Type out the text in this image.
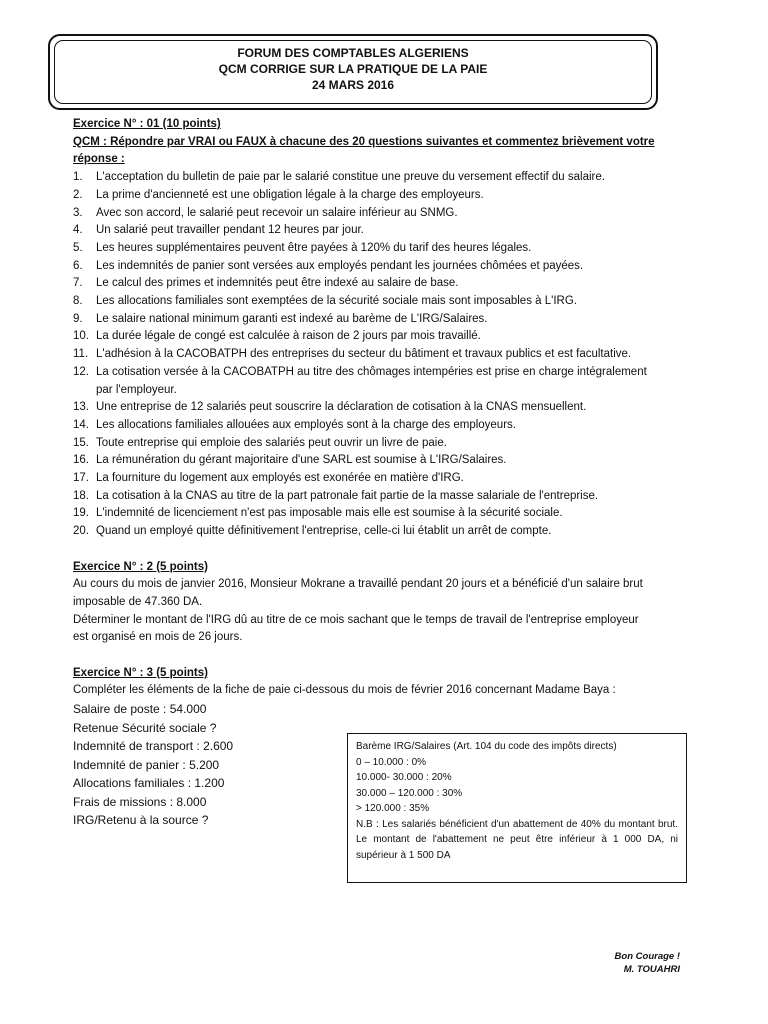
FORUM DES COMPTABLES ALGERIENS
QCM CORRIGE SUR LA PRATIQUE DE LA PAIE
24 MARS 2016
Exercice N° : 01 (10 points)
QCM : Répondre par VRAI ou FAUX à chacune des 20 questions suivantes et commentez brièvement votre
réponse :
1. L'acceptation du bulletin de paie par le salarié constitue une preuve du versement effectif du salaire.
2. La prime d'ancienneté est une obligation légale à la charge des employeurs.
3. Avec son accord, le salarié peut recevoir un salaire inférieur au SNMG.
4. Un salarié peut travailler pendant 12 heures par jour.
5. Les heures supplémentaires peuvent être payées à 120% du tarif des heures légales.
6. Les indemnités de panier sont versées aux employés pendant les journées chômées et payées.
7. Le calcul des primes et indemnités peut être indexé au salaire de base.
8. Les allocations familiales sont exemptées de la sécurité sociale mais sont imposables à L'IRG.
9. Le salaire national minimum garanti est indexé au barème de L'IRG/Salaires.
10. La durée légale de congé est calculée à raison de 2 jours par mois travaillé.
11. L'adhésion à la CACOBATPH des entreprises du secteur du bâtiment et travaux publics et est facultative.
12. La cotisation versée à la CACOBATPH au titre des chômages intempéries est prise en charge intégralement
par l'employeur.
13. Une entreprise de 12 salariés peut souscrire la déclaration de cotisation à la CNAS mensuellent.
14. Les allocations familiales allouées aux employés sont à la charge des employeurs.
15. Toute entreprise qui emploie des salariés peut ouvrir un livre de paie.
16. La rémunération du gérant majoritaire d'une SARL est soumise à L'IRG/Salaires.
17. La fourniture du logement aux employés est exonérée en matière d'IRG.
18. La cotisation à la CNAS au titre de la part patronale fait partie de la masse salariale de l'entreprise.
19. L'indemnité de licenciement n'est pas imposable mais elle est soumise à la sécurité sociale.
20. Quand un employé quitte définitivement l'entreprise, celle-ci lui établit un arrêt de compte.
Exercice N° : 2 (5 points)
Au cours du mois de janvier 2016, Monsieur Mokrane a travaillé pendant 20 jours et a bénéficié d'un salaire brut
imposable de 47.360 DA.
Déterminer le montant de l'IRG dû au titre de ce mois sachant que le temps de travail de l'entreprise employeur
est organisé en mois de 26 jours.
Exercice N° : 3 (5 points)
Compléter les éléments de la fiche de paie ci-dessous du mois de février 2016 concernant Madame Baya :
Salaire de poste : 54.000
Retenue Sécurité sociale ?
Indemnité de transport : 2.600
Indemnité de panier : 5.200
Allocations familiales : 1.200
Frais de missions : 8.000
IRG/Retenu à la source ?
Barème IRG/Salaires (Art. 104 du code des impôts directs)
0 – 10.000 : 0%
10.000- 30.000 : 20%
30.000 – 120.000 : 30%
> 120.000 : 35%
N.B : Les salariés bénéficient d'un abattement de 40% du montant brut. Le montant de l'abattement ne peut être inférieur à 1 000 DA, ni supérieur à 1 500 DA
Bon Courage !
M. TOUAHRI
